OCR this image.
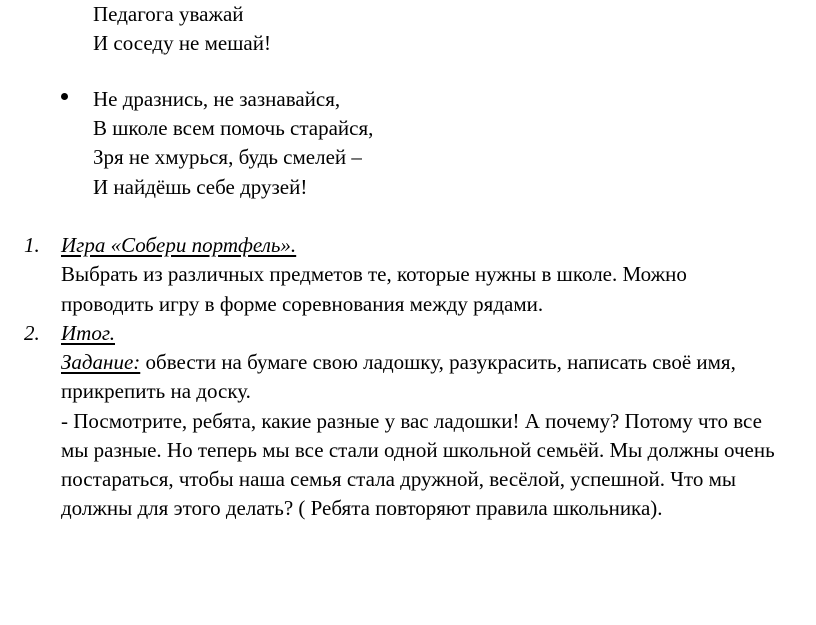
Педагога уважай
И соседу не мешай!
Не дразнись, не зазнавайся,
В школе всем помочь старайся,
Зря не хмурься, будь смелей –
И найдёшь себе друзей!
1. Игра «Собери портфель».
Выбрать из различных предметов те, которые нужны в школе. Можно
проводить игру в форме соревнования между рядами.
2. Итог.
Задание: обвести на бумаге свою ладошку, разукрасить, написать своё имя,
прикрепить на доску.
- Посмотрите, ребята, какие разные у вас ладошки! А почему? Потому что все
мы разные. Но теперь мы все стали одной школьной семьёй. Мы должны очень
постараться, чтобы наша семья стала дружной, весёлой, успешной. Что мы
должны для этого делать? ( Ребята повторяют правила школьника).
